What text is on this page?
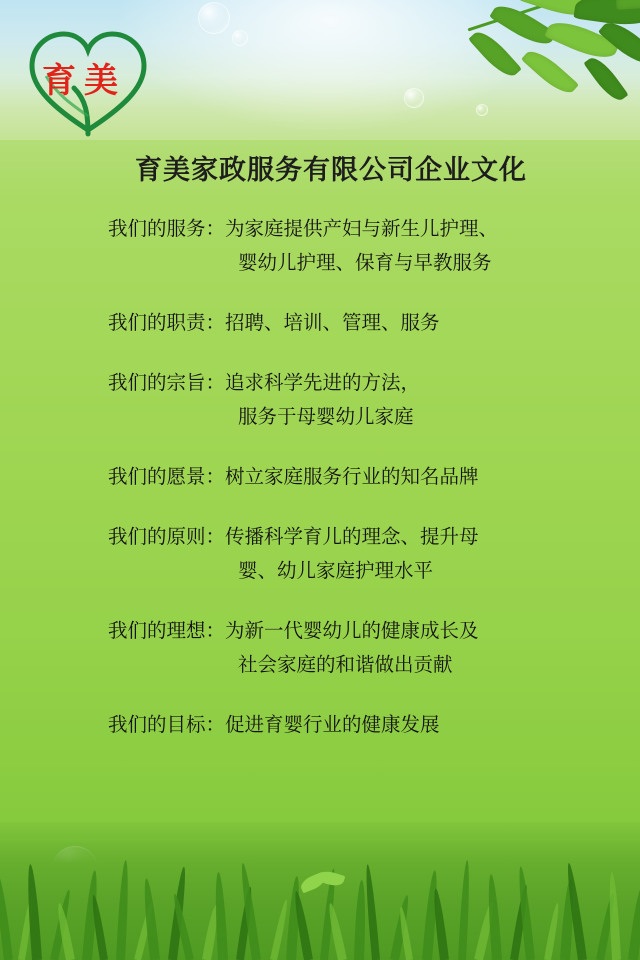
育 美
育美家政服务有限公司企业文化
我们的服务：为家庭提供产妇与新生儿护理、
婴幼儿护理、保育与早教服务
我们的职责：招聘、培训、管理、服务
我们的宗旨：追求科学先进的方法，
服务于母婴幼儿家庭
我们的愿景：树立家庭服务行业的知名品牌
我们的原则：传播科学育儿的理念、提升母
婴、幼儿家庭护理水平
我们的理想：为新一代婴幼儿的健康成长及
社会家庭的和谐做出贡献
我们的目标：促进育婴行业的健康发展
